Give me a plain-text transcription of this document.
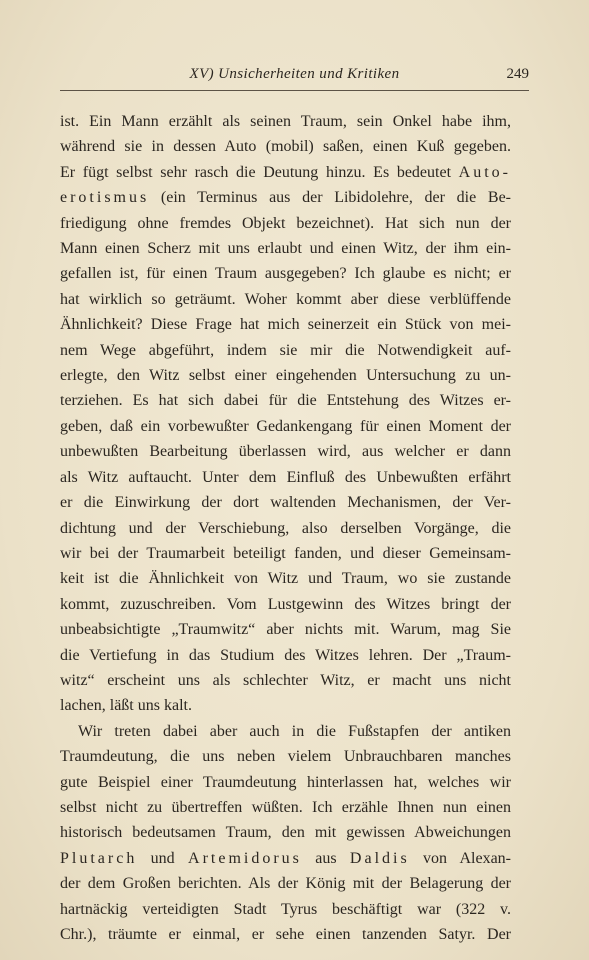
XV) Unsicherheiten und Kritiken	249
ist. Ein Mann erzählt als seinen Traum, sein Onkel habe ihm,
während sie in dessen Auto (mobil) saßen, einen Kuß gegeben.
Er fügt selbst sehr rasch die Deutung hinzu. Es bedeutet Auto-
erotismus (ein Terminus aus der Libidolehre, der die Be-
friedigung ohne fremdes Objekt bezeichnet). Hat sich nun der
Mann einen Scherz mit uns erlaubt und einen Witz, der ihm ein-
gefallen ist, für einen Traum ausgegeben? Ich glaube es nicht; er
hat wirklich so geträumt. Woher kommt aber diese verblüffende
Ähnlichkeit? Diese Frage hat mich seinerzeit ein Stück von mei-
nem Wege abgeführt, indem sie mir die Notwendigkeit auf-
erlegte, den Witz selbst einer eingehenden Untersuchung zu un-
terziehen. Es hat sich dabei für die Entstehung des Witzes er-
geben, daß ein vorbewußter Gedankengang für einen Moment der
unbewußten Bearbeitung überlassen wird, aus welcher er dann
als Witz auftaucht. Unter dem Einfluß des Unbewußten erfährt
er die Einwirkung der dort waltenden Mechanismen, der Ver-
dichtung und der Verschiebung, also derselben Vorgänge, die
wir bei der Traumarbeit beteiligt fanden, und dieser Gemeinsam-
keit ist die Ähnlichkeit von Witz und Traum, wo sie zustande
kommt, zuzuschreiben. Vom Lustgewinn des Witzes bringt der
unbeabsichtigte „Traumwitz“ aber nichts mit. Warum, mag Sie
die Vertiefung in das Studium des Witzes lehren. Der „Traum-
witz“ erscheint uns als schlechter Witz, er macht uns nicht
lachen, läßt uns kalt.
Wir treten dabei aber auch in die Fußstapfen der antiken
Traumdeutung, die uns neben vielem Unbrauchbaren manches
gute Beispiel einer Traumdeutung hinterlassen hat, welches wir
selbst nicht zu übertreffen wüßten. Ich erzähle Ihnen nun einen
historisch bedeutsamen Traum, den mit gewissen Abweichungen
Plutarch und Artemidorus aus Daldis von Alexan-
der dem Großen berichten. Als der König mit der Belagerung der
hartnäckig verteidigten Stadt Tyrus beschäftigt war (322 v.
Chr.), träumte er einmal, er sehe einen tanzenden Satyr. Der
